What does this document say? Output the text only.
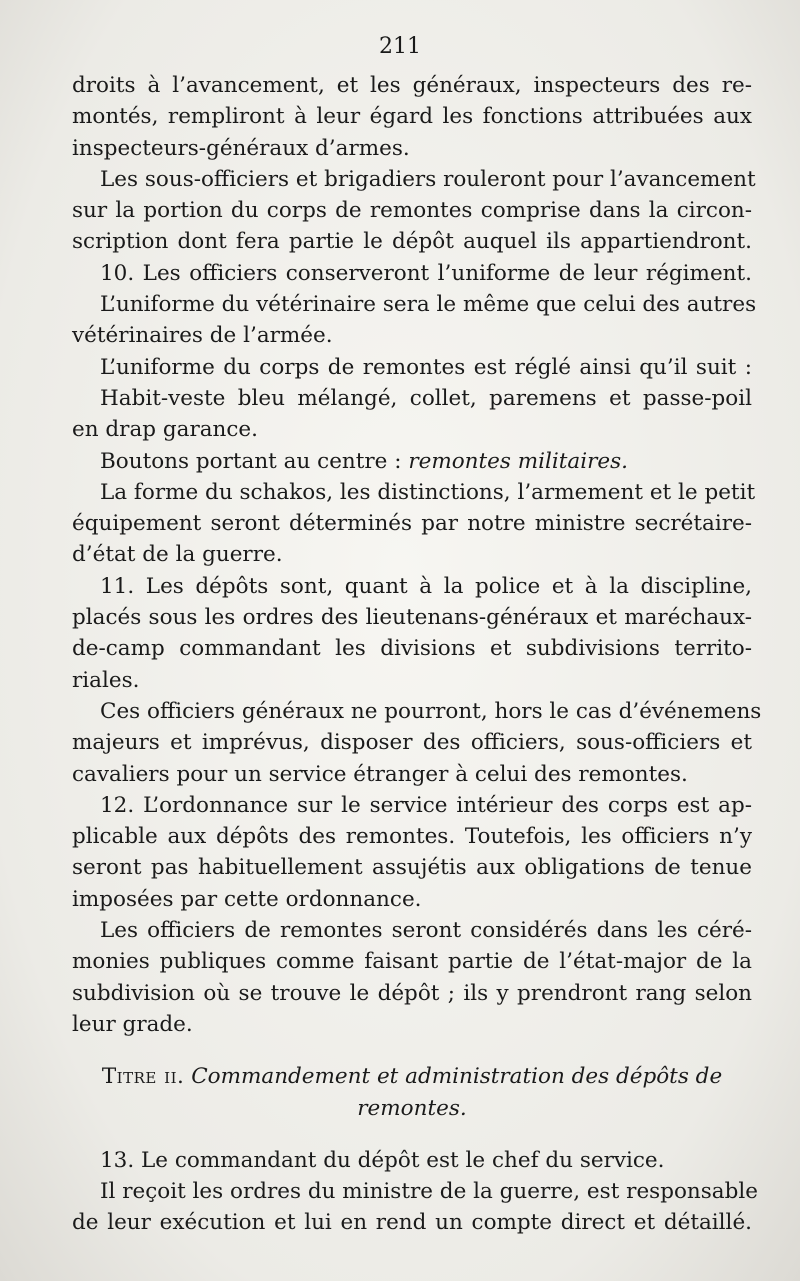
211
droits à l’avancement, et les généraux, inspecteurs des re-
montés, rempliront à leur égard les fonctions attribuées aux
inspecteurs-généraux d’armes.
Les sous-officiers et brigadiers rouleront pour l’avancement
sur la portion du corps de remontes comprise dans la circon-
scription dont fera partie le dépôt auquel ils appartiendront.
10. Les officiers conserveront l’uniforme de leur régiment.
L’uniforme du vétérinaire sera le même que celui des autres
vétérinaires de l’armée.
L’uniforme du corps de remontes est réglé ainsi qu’il suit :
Habit-veste bleu mélangé, collet, paremens et passe-poil
en drap garance.
Boutons portant au centre : remontes militaires.
La forme du schakos, les distinctions, l’armement et le petit
équipement seront déterminés par notre ministre secrétaire-
d’état de la guerre.
11. Les dépôts sont, quant à la police et à la discipline,
placés sous les ordres des lieutenans-généraux et maréchaux-
de-camp commandant les divisions et subdivisions territo-
riales.
Ces officiers généraux ne pourront, hors le cas d’événemens
majeurs et imprévus, disposer des officiers, sous-officiers et
cavaliers pour un service étranger à celui des remontes.
12. L’ordonnance sur le service intérieur des corps est ap-
plicable aux dépôts des remontes. Toutefois, les officiers n’y
seront pas habituellement assujétis aux obligations de tenue
imposées par cette ordonnance.
Les officiers de remontes seront considérés dans les céré-
monies publiques comme faisant partie de l’état-major de la
subdivision où se trouve le dépôt ; ils y prendront rang selon
leur grade.
Titre ii. Commandement et administration des dépôts de
remontes.
13. Le commandant du dépôt est le chef du service.
Il reçoit les ordres du ministre de la guerre, est responsable
de leur exécution et lui en rend un compte direct et détaillé.
